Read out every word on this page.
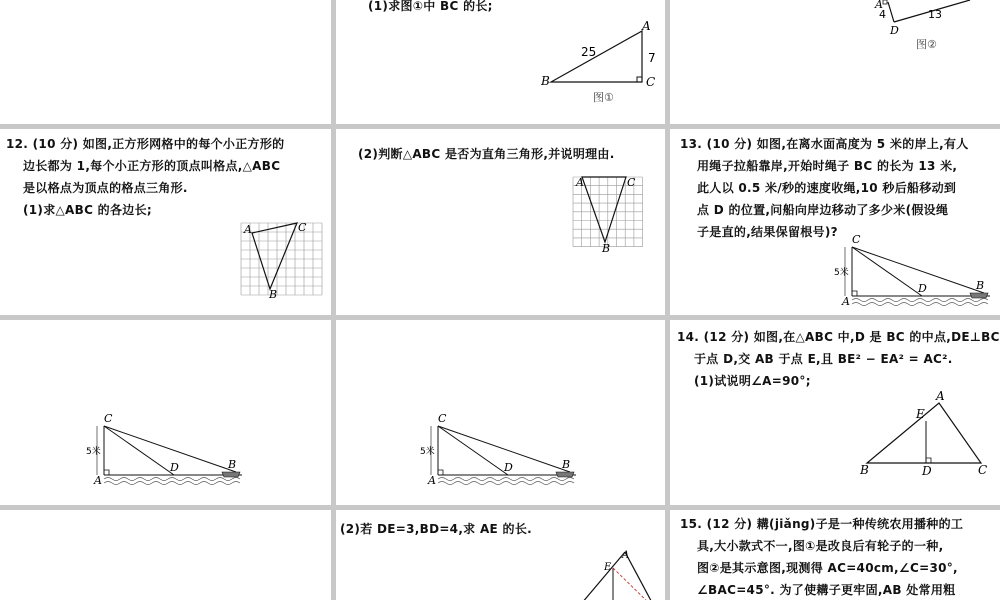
(1)求图①中 BC 的长;
A
B	C
25	7
图①
A
D
4	13
图②
12. (10 分) 如图,正方形网格中的每个小正方形的
边长都为 1,每个小正方形的顶点叫格点,△ABC
是以格点为顶点的格点三角形.
(1)求△ABC 的各边长;
A	C
B
(2)判断△ABC 是否为直角三角形,并说明理由.
A	C
B
13. (10 分) 如图,在离水面高度为 5 米的岸上,有人
用绳子拉船靠岸,开始时绳子 BC 的长为 13 米,
此人以 0.5 米/秒的速度收绳,10 秒后船移动到
点 D 的位置,问船向岸边移动了多少米(假设绳
子是直的,结果保留根号)?
C
A
D	B
5米
C
A
D	B
5米
C
A
D	B
5米
14. (12 分) 如图,在△ABC 中,D 是 BC 的中点,DE⊥BC
于点 D,交 AB 于点 E,且 BE² − EA² = AC².
(1)试说明∠A=90°;
A
B	C
D
E
(2)若 DE=3,BD=4,求 AE 的长.
A
E
15. (12 分) 耩(jiǎng)子是一种传统农用播种的工
具,大小款式不一,图①是改良后有轮子的一种,
图②是其示意图,现测得 AC=40cm,∠C=30°,
∠BAC=45°. 为了使耩子更牢固,AB 处常用粗
